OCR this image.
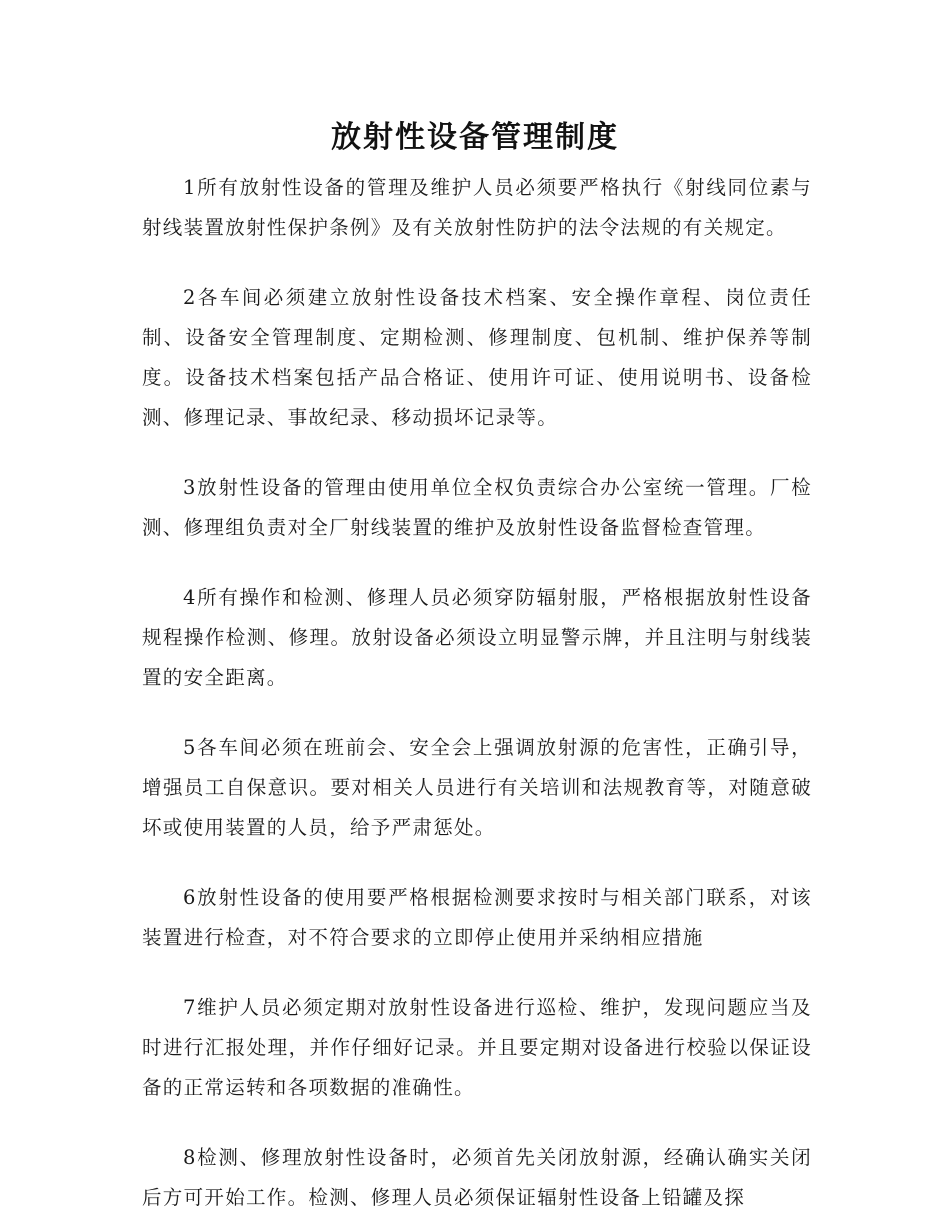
放射性设备管理制度

1所有放射性设备的管理及维护人员必须要严格执行《射线同位素与射线装置放射性保护条例》及有关放射性防护的法令法规的有关规定。

2各车间必须建立放射性设备技术档案、安全操作章程、岗位责任制、设备安全管理制度、定期检测、修理制度、包机制、维护保养等制度。设备技术档案包括产品合格证、使用许可证、使用说明书、设备检测、修理记录、事故纪录、移动损坏记录等。

3放射性设备的管理由使用单位全权负责综合办公室统一管理。厂检测、修理组负责对全厂射线装置的维护及放射性设备监督检查管理。

4所有操作和检测、修理人员必须穿防辐射服，严格根据放射性设备规程操作检测、修理。放射设备必须设立明显警示牌，并且注明与射线装置的安全距离。

5各车间必须在班前会、安全会上强调放射源的危害性，正确引导，增强员工自保意识。要对相关人员进行有关培训和法规教育等，对随意破坏或使用装置的人员，给予严肃惩处。

6放射性设备的使用要严格根据检测要求按时与相关部门联系，对该装置进行检查，对不符合要求的立即停止使用并采纳相应措施

7维护人员必须定期对放射性设备进行巡检、维护，发现问题应当及时进行汇报处理，并作仔细好记录。并且要定期对设备进行校验以保证设备的正常运转和各项数据的准确性。

8检测、修理放射性设备时，必须首先关闭放射源，经确认确实关闭后方可开始工作。检测、修理人员必须保证辐射性设备上铅罐及探
